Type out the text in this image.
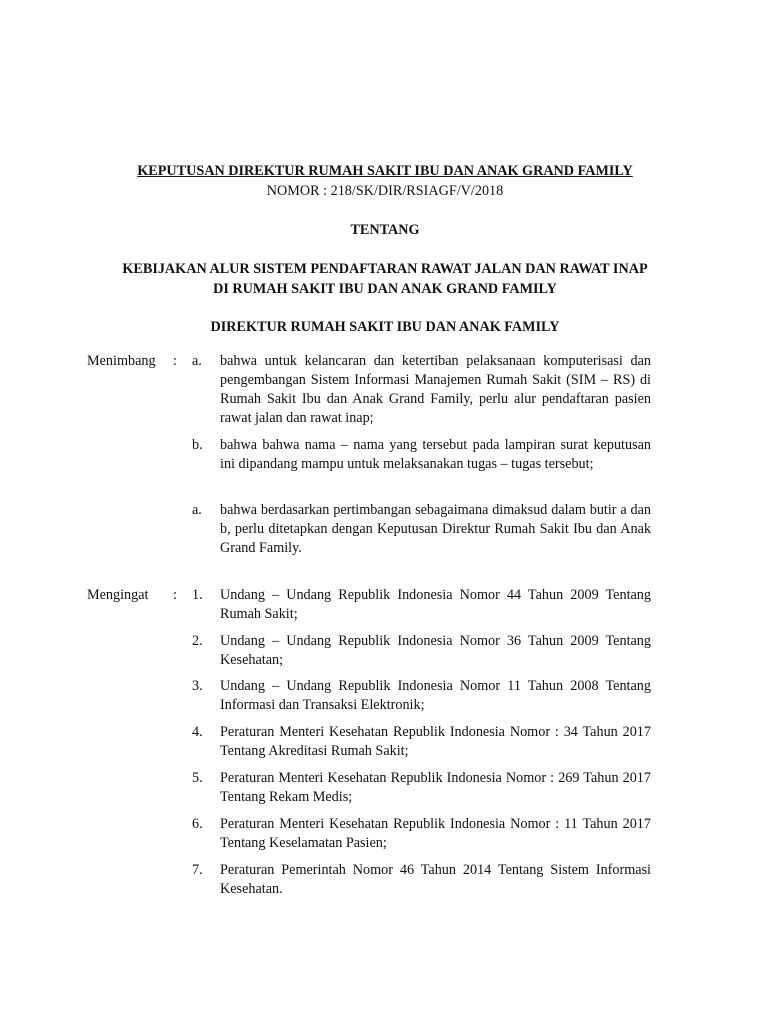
KEPUTUSAN DIREKTUR RUMAH SAKIT IBU DAN ANAK GRAND FAMILY
NOMOR : 218/SK/DIR/RSIAGF/V/2018
TENTANG
KEBIJAKAN ALUR SISTEM PENDAFTARAN RAWAT JALAN DAN RAWAT INAP
DI RUMAH SAKIT IBU DAN ANAK GRAND FAMILY
DIREKTUR RUMAH SAKIT IBU DAN ANAK FAMILY
Menimbang : a. bahwa untuk kelancaran dan ketertiban pelaksanaan komputerisasi dan pengembangan Sistem Informasi Manajemen Rumah Sakit (SIM – RS) di Rumah Sakit Ibu dan Anak Grand Family, perlu alur pendaftaran pasien rawat jalan dan rawat inap;
b. bahwa bahwa nama – nama yang tersebut pada lampiran surat keputusan ini dipandang mampu untuk melaksanakan tugas – tugas tersebut;
a. bahwa berdasarkan pertimbangan sebagaimana dimaksud dalam butir a dan b, perlu ditetapkan dengan Keputusan Direktur Rumah Sakit Ibu dan Anak Grand Family.
Mengingat : 1. Undang – Undang Republik Indonesia Nomor 44 Tahun 2009 Tentang Rumah Sakit;
2. Undang – Undang Republik Indonesia Nomor 36 Tahun 2009 Tentang Kesehatan;
3. Undang – Undang Republik Indonesia Nomor 11 Tahun 2008 Tentang Informasi dan Transaksi Elektronik;
4. Peraturan Menteri Kesehatan Republik Indonesia Nomor : 34 Tahun 2017 Tentang Akreditasi Rumah Sakit;
5. Peraturan Menteri Kesehatan Republik Indonesia Nomor : 269 Tahun 2017 Tentang Rekam Medis;
6. Peraturan Menteri Kesehatan Republik Indonesia Nomor : 11 Tahun 2017 Tentang Keselamatan Pasien;
7. Peraturan Pemerintah Nomor 46 Tahun 2014 Tentang Sistem Informasi Kesehatan.
